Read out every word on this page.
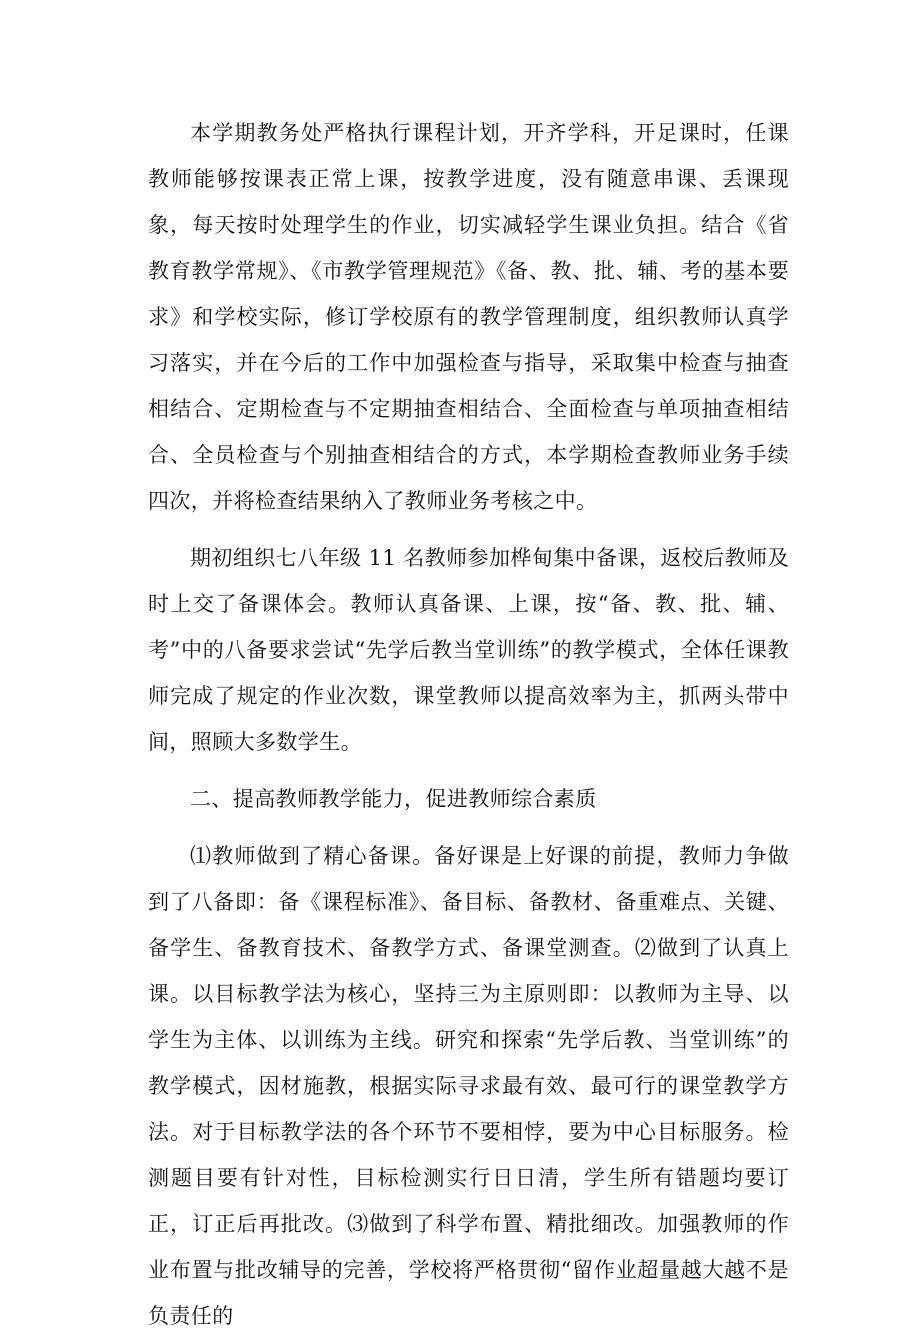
本学期教务处严格执行课程计划，开齐学科，开足课时，任课教师能够按课表正常上课，按教学进度，没有随意串课、丢课现象，每天按时处理学生的作业，切实减轻学生课业负担。结合《省教育教学常规》、《市教学管理规范》《备、教、批、辅、考的基本要求》和学校实际，修订学校原有的教学管理制度，组织教师认真学习落实，并在今后的工作中加强检查与指导，采取集中检查与抽查相结合、定期检查与不定期抽查相结合、全面检查与单项抽查相结合、全员检查与个别抽查相结合的方式，本学期检查教师业务手续四次，并将检查结果纳入了教师业务考核之中。

期初组织七八年级 11 名教师参加桦甸集中备课，返校后教师及时上交了备课体会。教师认真备课、上课，按“备、教、批、辅、考”中的八备要求尝试“先学后教当堂训练”的教学模式，全体任课教师完成了规定的作业次数，课堂教师以提高效率为主，抓两头带中间，照顾大多数学生。

二、提高教师教学能力，促进教师综合素质

⑴教师做到了精心备课。备好课是上好课的前提，教师力争做到了八备即：备《课程标准》、备目标、备教材、备重难点、关键、备学生、备教育技术、备教学方式、备课堂测查。⑵做到了认真上课。以目标教学法为核心，坚持三为主原则即：以教师为主导、以学生为主体、以训练为主线。研究和探索“先学后教、当堂训练”的教学模式，因材施教，根据实际寻求最有效、最可行的课堂教学方法。对于目标教学法的各个环节不要相悖，要为中心目标服务。检测题目要有针对性，目标检测实行日日清，学生所有错题均要订正，订正后再批改。⑶做到了科学布置、精批细改。加强教师的作业布置与批改辅导的完善，学校将严格贯彻“留作业超量越大越不是负责任的
